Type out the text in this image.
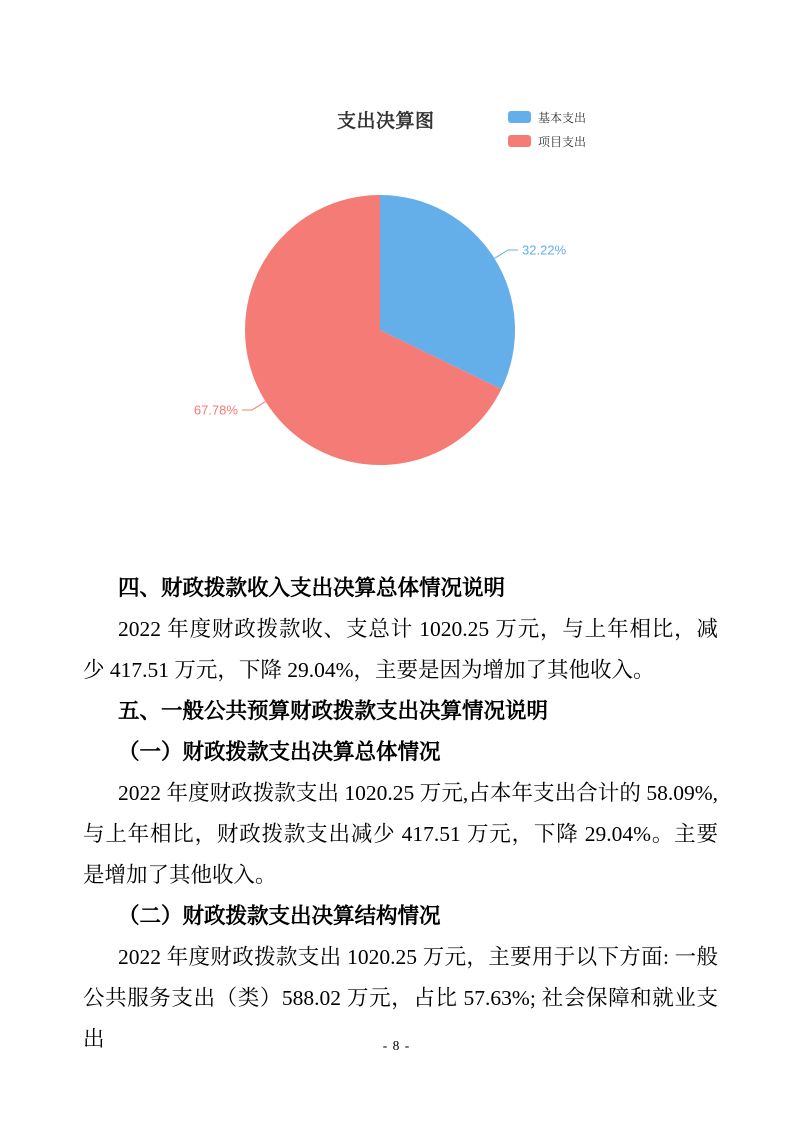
支出决算图	基本支出
项目支出
32.22%
67.78%
四、财政拨款收入支出决算总体情况说明

2022 年度财政拨款收、支总计 1020.25 万元，与上年相比，减少 417.51 万元，下降 29.04%，主要是因为增加了其他收入。

五、一般公共预算财政拨款支出决算情况说明
（一）财政拨款支出决算总体情况

2022 年度财政拨款支出 1020.25 万元,占本年支出合计的 58.09%,与上年相比，财政拨款支出减少 417.51 万元，下降 29.04%。主要是增加了其他收入。

（二）财政拨款支出决算结构情况

2022 年度财政拨款支出 1020.25 万元，主要用于以下方面: 一般公共服务支出（类）588.02 万元，占比 57.63%; 社会保障和就业支出	- 8 -
